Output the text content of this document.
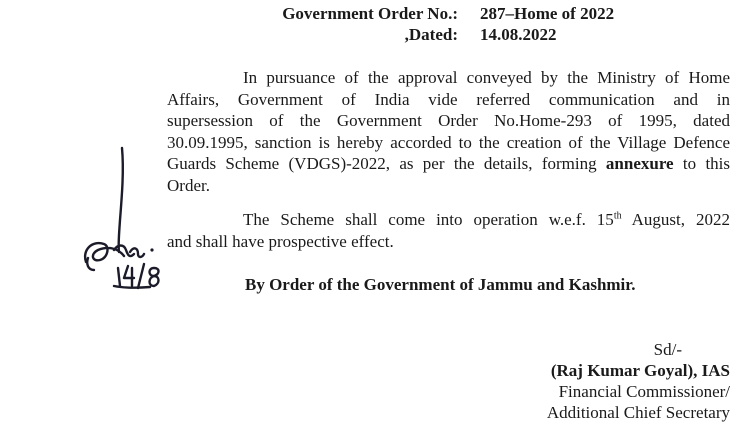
Government Order No.: 287–Home of 2022
,Dated: 14.08.2022
In pursuance of the approval conveyed by the Ministry of Home
Affairs, Government of India vide referred communication and in
supersession of the Government Order No.Home-293 of 1995, dated
30.09.1995, sanction is hereby accorded to the creation of the Village Defence
Guards Scheme (VDGS)-2022, as per the details, forming annexure to this
Order.
The Scheme shall come into operation w.e.f. 15th August, 2022
and shall have prospective effect.
By Order of the Government of Jammu and Kashmir.
Sd/-
(Raj Kumar Goyal), IAS
Financial Commissioner/
Additional Chief Secretary
